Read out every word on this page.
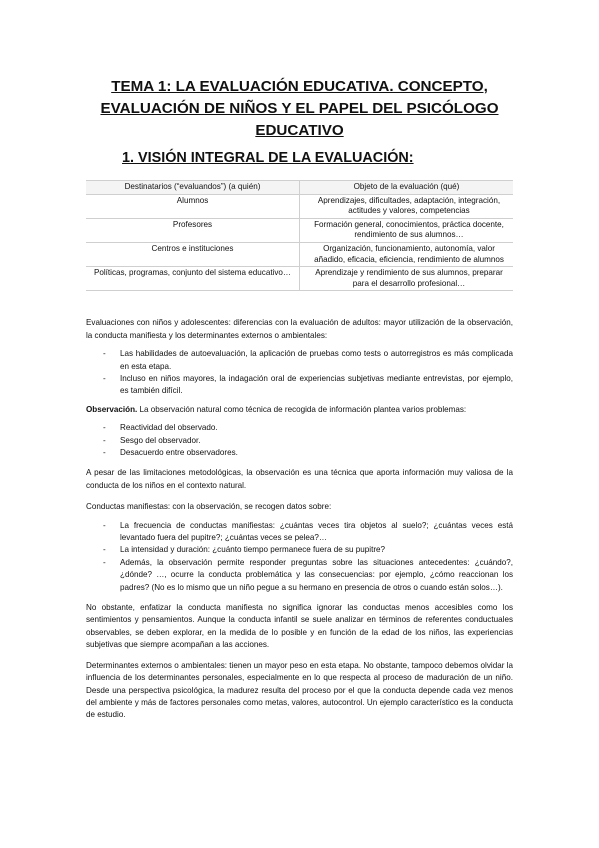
TEMA 1: LA EVALUACIÓN EDUCATIVA. CONCEPTO,
EVALUACIÓN DE NIÑOS Y EL PAPEL DEL PSICÓLOGO
EDUCATIVO
1. VISIÓN INTEGRAL DE LA EVALUACIÓN:
Destinatarios (“evaluandos”) (a quién)	Objeto de la evaluación (qué)
Alumnos	Aprendizajes, dificultades, adaptación, integración, actitudes y valores, competencias
Profesores	Formación general, conocimientos, práctica docente, rendimiento de sus alumnos…
Centros e instituciones	Organización, funcionamiento, autonomía, valor añadido, eficacia, eficiencia, rendimiento de alumnos
Políticas, programas, conjunto del sistema educativo…	Aprendizaje y rendimiento de sus alumnos, preparar para el desarrollo profesional…

Evaluaciones con niños y adolescentes: diferencias con la evaluación de adultos: mayor utilización de la observación, la conducta manifiesta y los determinantes externos o ambientales:

- Las habilidades de autoevaluación, la aplicación de pruebas como tests o autorregistros es más complicada en esta etapa.
- Incluso en niños mayores, la indagación oral de experiencias subjetivas mediante entrevistas, por ejemplo, es también difícil.

Observación. La observación natural como técnica de recogida de información plantea varios problemas:

- Reactividad del observado.
- Sesgo del observador.
- Desacuerdo entre observadores.

A pesar de las limitaciones metodológicas, la observación es una técnica que aporta información muy valiosa de la conducta de los niños en el contexto natural.

Conductas manifiestas: con la observación, se recogen datos sobre:

- La frecuencia de conductas manifiestas: ¿cuántas veces tira objetos al suelo?; ¿cuántas veces está levantado fuera del pupitre?; ¿cuántas veces se pelea?…
- La intensidad y duración: ¿cuánto tiempo permanece fuera de su pupitre?
- Además, la observación permite responder preguntas sobre las situaciones antecedentes: ¿cuándo?, ¿dónde? …, ocurre la conducta problemática y las consecuencias: por ejemplo, ¿cómo reaccionan los padres? (No es lo mismo que un niño pegue a su hermano en presencia de otros o cuando están solos…).

No obstante, enfatizar la conducta manifiesta no significa ignorar las conductas menos accesibles como los sentimientos y pensamientos. Aunque la conducta infantil se suele analizar en términos de referentes conductuales observables, se deben explorar, en la medida de lo posible y en función de la edad de los niños, las experiencias subjetivas que siempre acompañan a las acciones.

Determinantes externos o ambientales: tienen un mayor peso en esta etapa. No obstante, tampoco debemos olvidar la influencia de los determinantes personales, especialmente en lo que respecta al proceso de maduración de un niño. Desde una perspectiva psicológica, la madurez resulta del proceso por el que la conducta depende cada vez menos del ambiente y más de factores personales como metas, valores, autocontrol. Un ejemplo característico es la conducta de estudio.
